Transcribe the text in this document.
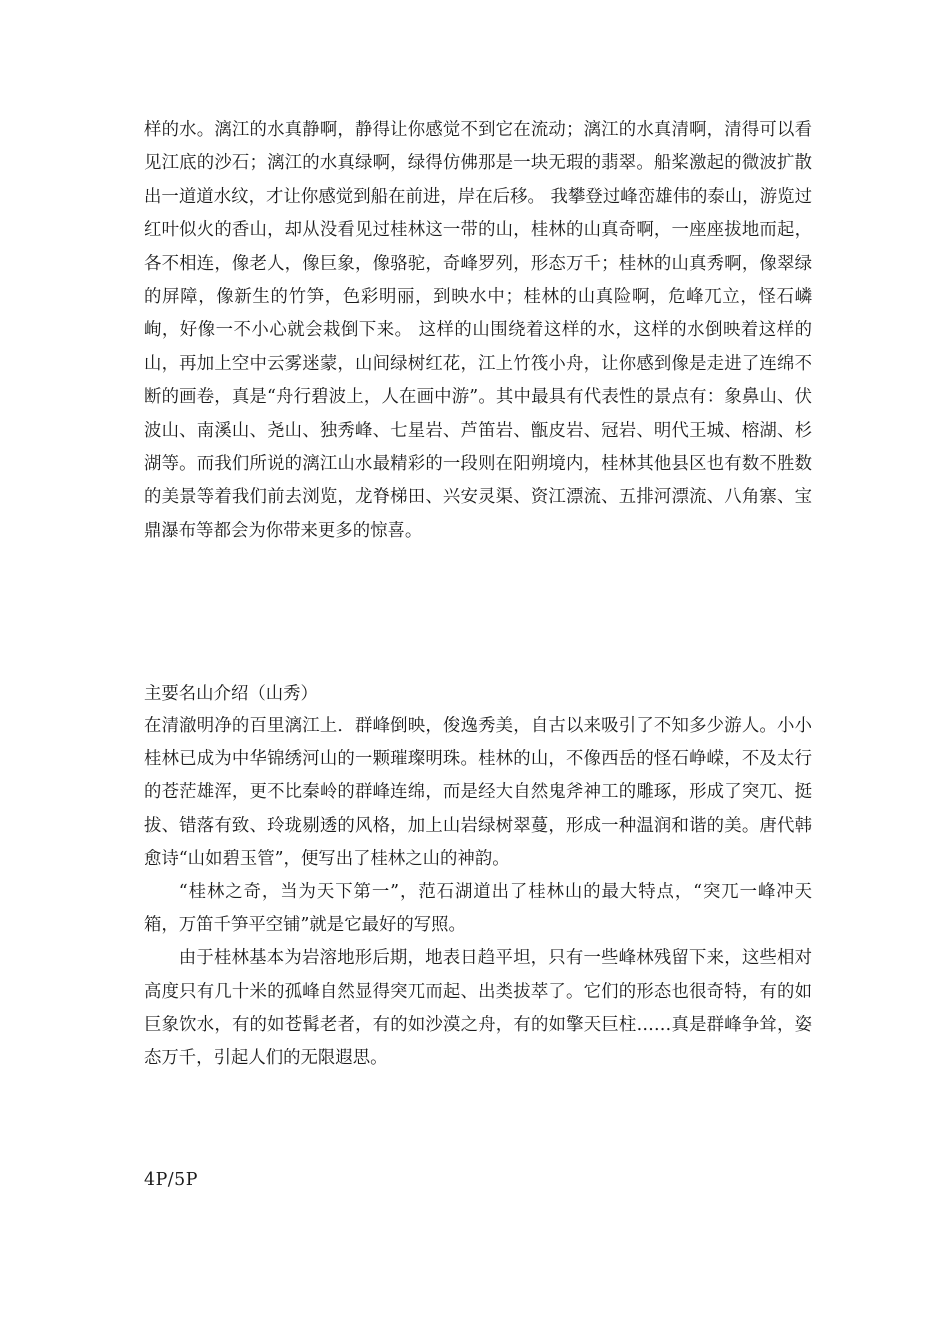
样的水。漓江的水真静啊，静得让你感觉不到它在流动；漓江的水真清啊，清得可以看见江底的沙石；漓江的水真绿啊，绿得仿佛那是一块无瑕的翡翠。船桨激起的微波扩散出一道道水纹，才让你感觉到船在前进，岸在后移。 我攀登过峰峦雄伟的泰山，游览过红叶似火的香山，却从没看见过桂林这一带的山，桂林的山真奇啊，一座座拔地而起，各不相连，像老人，像巨象，像骆驼，奇峰罗列，形态万千；桂林的山真秀啊，像翠绿的屏障，像新生的竹笋，色彩明丽，到映水中；桂林的山真险啊，危峰兀立，怪石嶙峋，好像一不小心就会栽倒下来。 这样的山围绕着这样的水，这样的水倒映着这样的山，再加上空中云雾迷蒙，山间绿树红花，江上竹筏小舟，让你感到像是走进了连绵不断的画卷，真是“舟行碧波上，人在画中游”。其中最具有代表性的景点有：象鼻山、伏波山、南溪山、尧山、独秀峰、七星岩、芦笛岩、甑皮岩、冠岩、明代王城、榕湖、杉湖等。而我们所说的漓江山水最精彩的一段则在阳朔境内，桂林其他县区也有数不胜数的美景等着我们前去浏览，龙脊梯田、兴安灵渠、资江漂流、五排河漂流、八角寨、宝鼎瀑布等都会为你带来更多的惊喜。

主要名山介绍（山秀）

在清澈明净的百里漓江上．群峰倒映，俊逸秀美，自古以来吸引了不知多少游人。小小桂林已成为中华锦绣河山的一颗璀璨明珠。桂林的山，不像西岳的怪石峥嵘，不及太行的苍茫雄浑，更不比秦岭的群峰连绵，而是经大自然鬼斧神工的雕琢，形成了突兀、挺拔、错落有致、玲珑剔透的风格，加上山岩绿树翠蔓，形成一种温润和谐的美。唐代韩愈诗“山如碧玉管”，便写出了桂林之山的神韵。

“桂林之奇，当为天下第一”，范石湖道出了桂林山的最大特点，“突兀一峰冲天箱，万笛千笋平空铺”就是它最好的写照。

由于桂林基本为岩溶地形后期，地表日趋平坦，只有一些峰林残留下来，这些相对高度只有几十米的孤峰自然显得突兀而起、出类拔萃了。它们的形态也很奇特，有的如巨象饮水，有的如苍髯老者，有的如沙漠之舟，有的如擎天巨柱……真是群峰争耸，姿态万千，引起人们的无限遐思。

4P/5P
